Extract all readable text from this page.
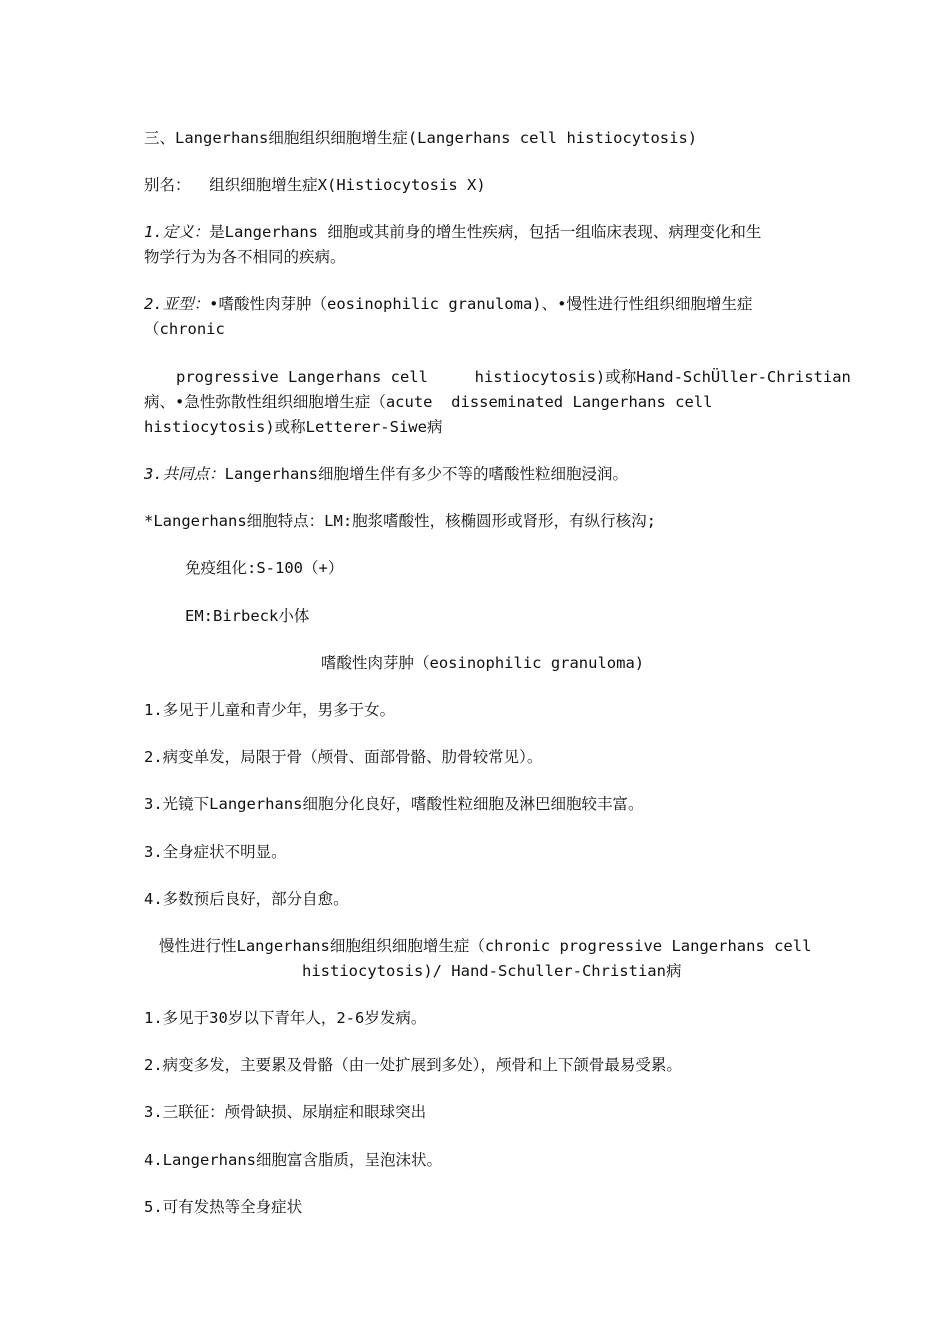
三、Langerhans细胞组织细胞增生症(Langerhans cell histiocytosis)
别名： 组织细胞增生症X(Histiocytosis X)
1.定义：是Langerhans 细胞或其前身的增生性疾病，包括一组临床表现、病理变化和生
物学行为为各不相同的疾病。
2.亚型：•嗜酸性肉芽肿（eosinophilic granuloma)、•慢性进行性组织细胞增生症
（chronic
progressive Langerhans cell     histiocytosis)或称Hand-SchÜller-Christian
病、•急性弥散性组织细胞增生症（acute  disseminated Langerhans cell
histiocytosis)或称Letterer-Siwe病
3.共同点：Langerhans细胞增生伴有多少不等的嗜酸性粒细胞浸润。
*Langerhans细胞特点：LM:胞浆嗜酸性，核椭圆形或肾形，有纵行核沟;
免疫组化:S-100（+）
EM:Birbeck小体
嗜酸性肉芽肿（eosinophilic granuloma)
1.多见于儿童和青少年，男多于女。
2.病变单发，局限于骨（颅骨、面部骨骼、肋骨较常见）。
3.光镜下Langerhans细胞分化良好，嗜酸性粒细胞及淋巴细胞较丰富。
3.全身症状不明显。
4.多数预后良好，部分自愈。
慢性进行性Langerhans细胞组织细胞增生症（chronic progressive Langerhans cell
histiocytosis)/ Hand-Schuller-Christian病
1.多见于30岁以下青年人，2-6岁发病。
2.病变多发，主要累及骨骼（由一处扩展到多处），颅骨和上下颌骨最易受累。
3.三联征：颅骨缺损、尿崩症和眼球突出
4.Langerhans细胞富含脂质，呈泡沫状。
5.可有发热等全身症状
